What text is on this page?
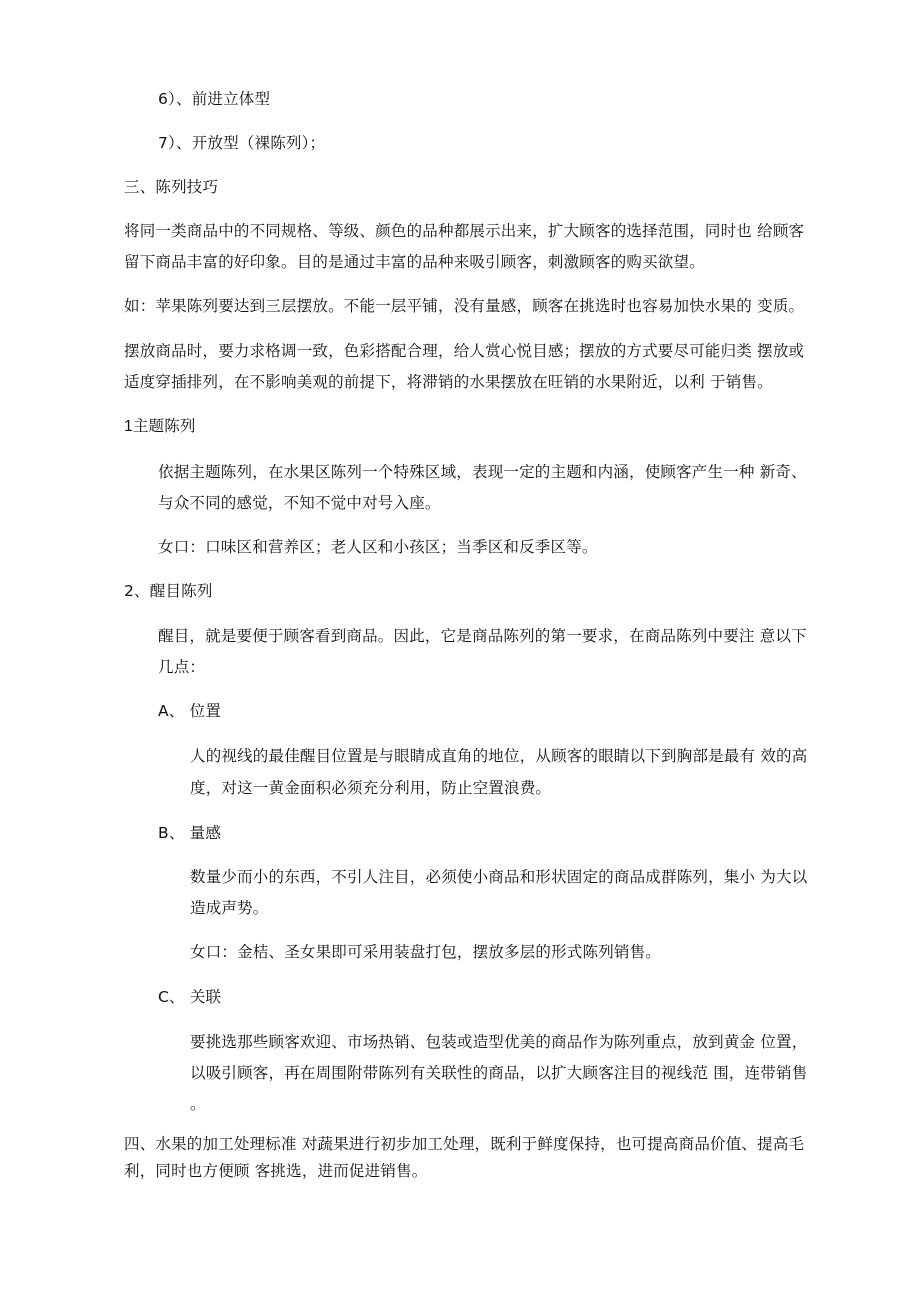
6）、前进立体型
7）、开放型（裸陈列）；
三、陈列技巧
将同一类商品中的不同规格、等级、颜色的品种都展示出来，扩大顾客的选择范围，同时也 给顾客
留下商品丰富的好印象。目的是通过丰富的品种来吸引顾客，刺激顾客的购买欲望。
如：苹果陈列要达到三层摆放。不能一层平铺，没有量感，顾客在挑选时也容易加快水果的 变质。
摆放商品时，要力求格调一致，色彩搭配合理，给人赏心悦目感；摆放的方式要尽可能归类 摆放或
适度穿插排列，在不影响美观的前提下，将滞销的水果摆放在旺销的水果附近，以利 于销售。
1主题陈列
依据主题陈列，在水果区陈列一个特殊区域，表现一定的主题和内涵，使顾客产生一种 新奇、
与众不同的感觉，不知不觉中对号入座。
女口：口味区和营养区；老人区和小孩区；当季区和反季区等。
2、醒目陈列
醒目，就是要便于顾客看到商品。因此，它是商品陈列的第一要求，在商品陈列中要注 意以下
几点：
A、 位置
人的视线的最佳醒目位置是与眼睛成直角的地位，从顾客的眼睛以下到胸部是最有 效的高
度，对这一黄金面积必须充分利用，防止空置浪费。
B、 量感
数量少而小的东西，不引人注目，必须使小商品和形状固定的商品成群陈列，集小 为大以
造成声势。
女口：金桔、圣女果即可采用装盘打包，摆放多层的形式陈列销售。
C、 关联
要挑选那些顾客欢迎、市场热销、包装或造型优美的商品作为陈列重点，放到黄金 位置，
以吸引顾客，再在周围附带陈列有关联性的商品，以扩大顾客注目的视线范 围，连带销售
。
四、水果的加工处理标准 对蔬果进行初步加工处理，既利于鲜度保持，也可提高商品价值、提高毛
利，同时也方便顾 客挑选，进而促进销售。
